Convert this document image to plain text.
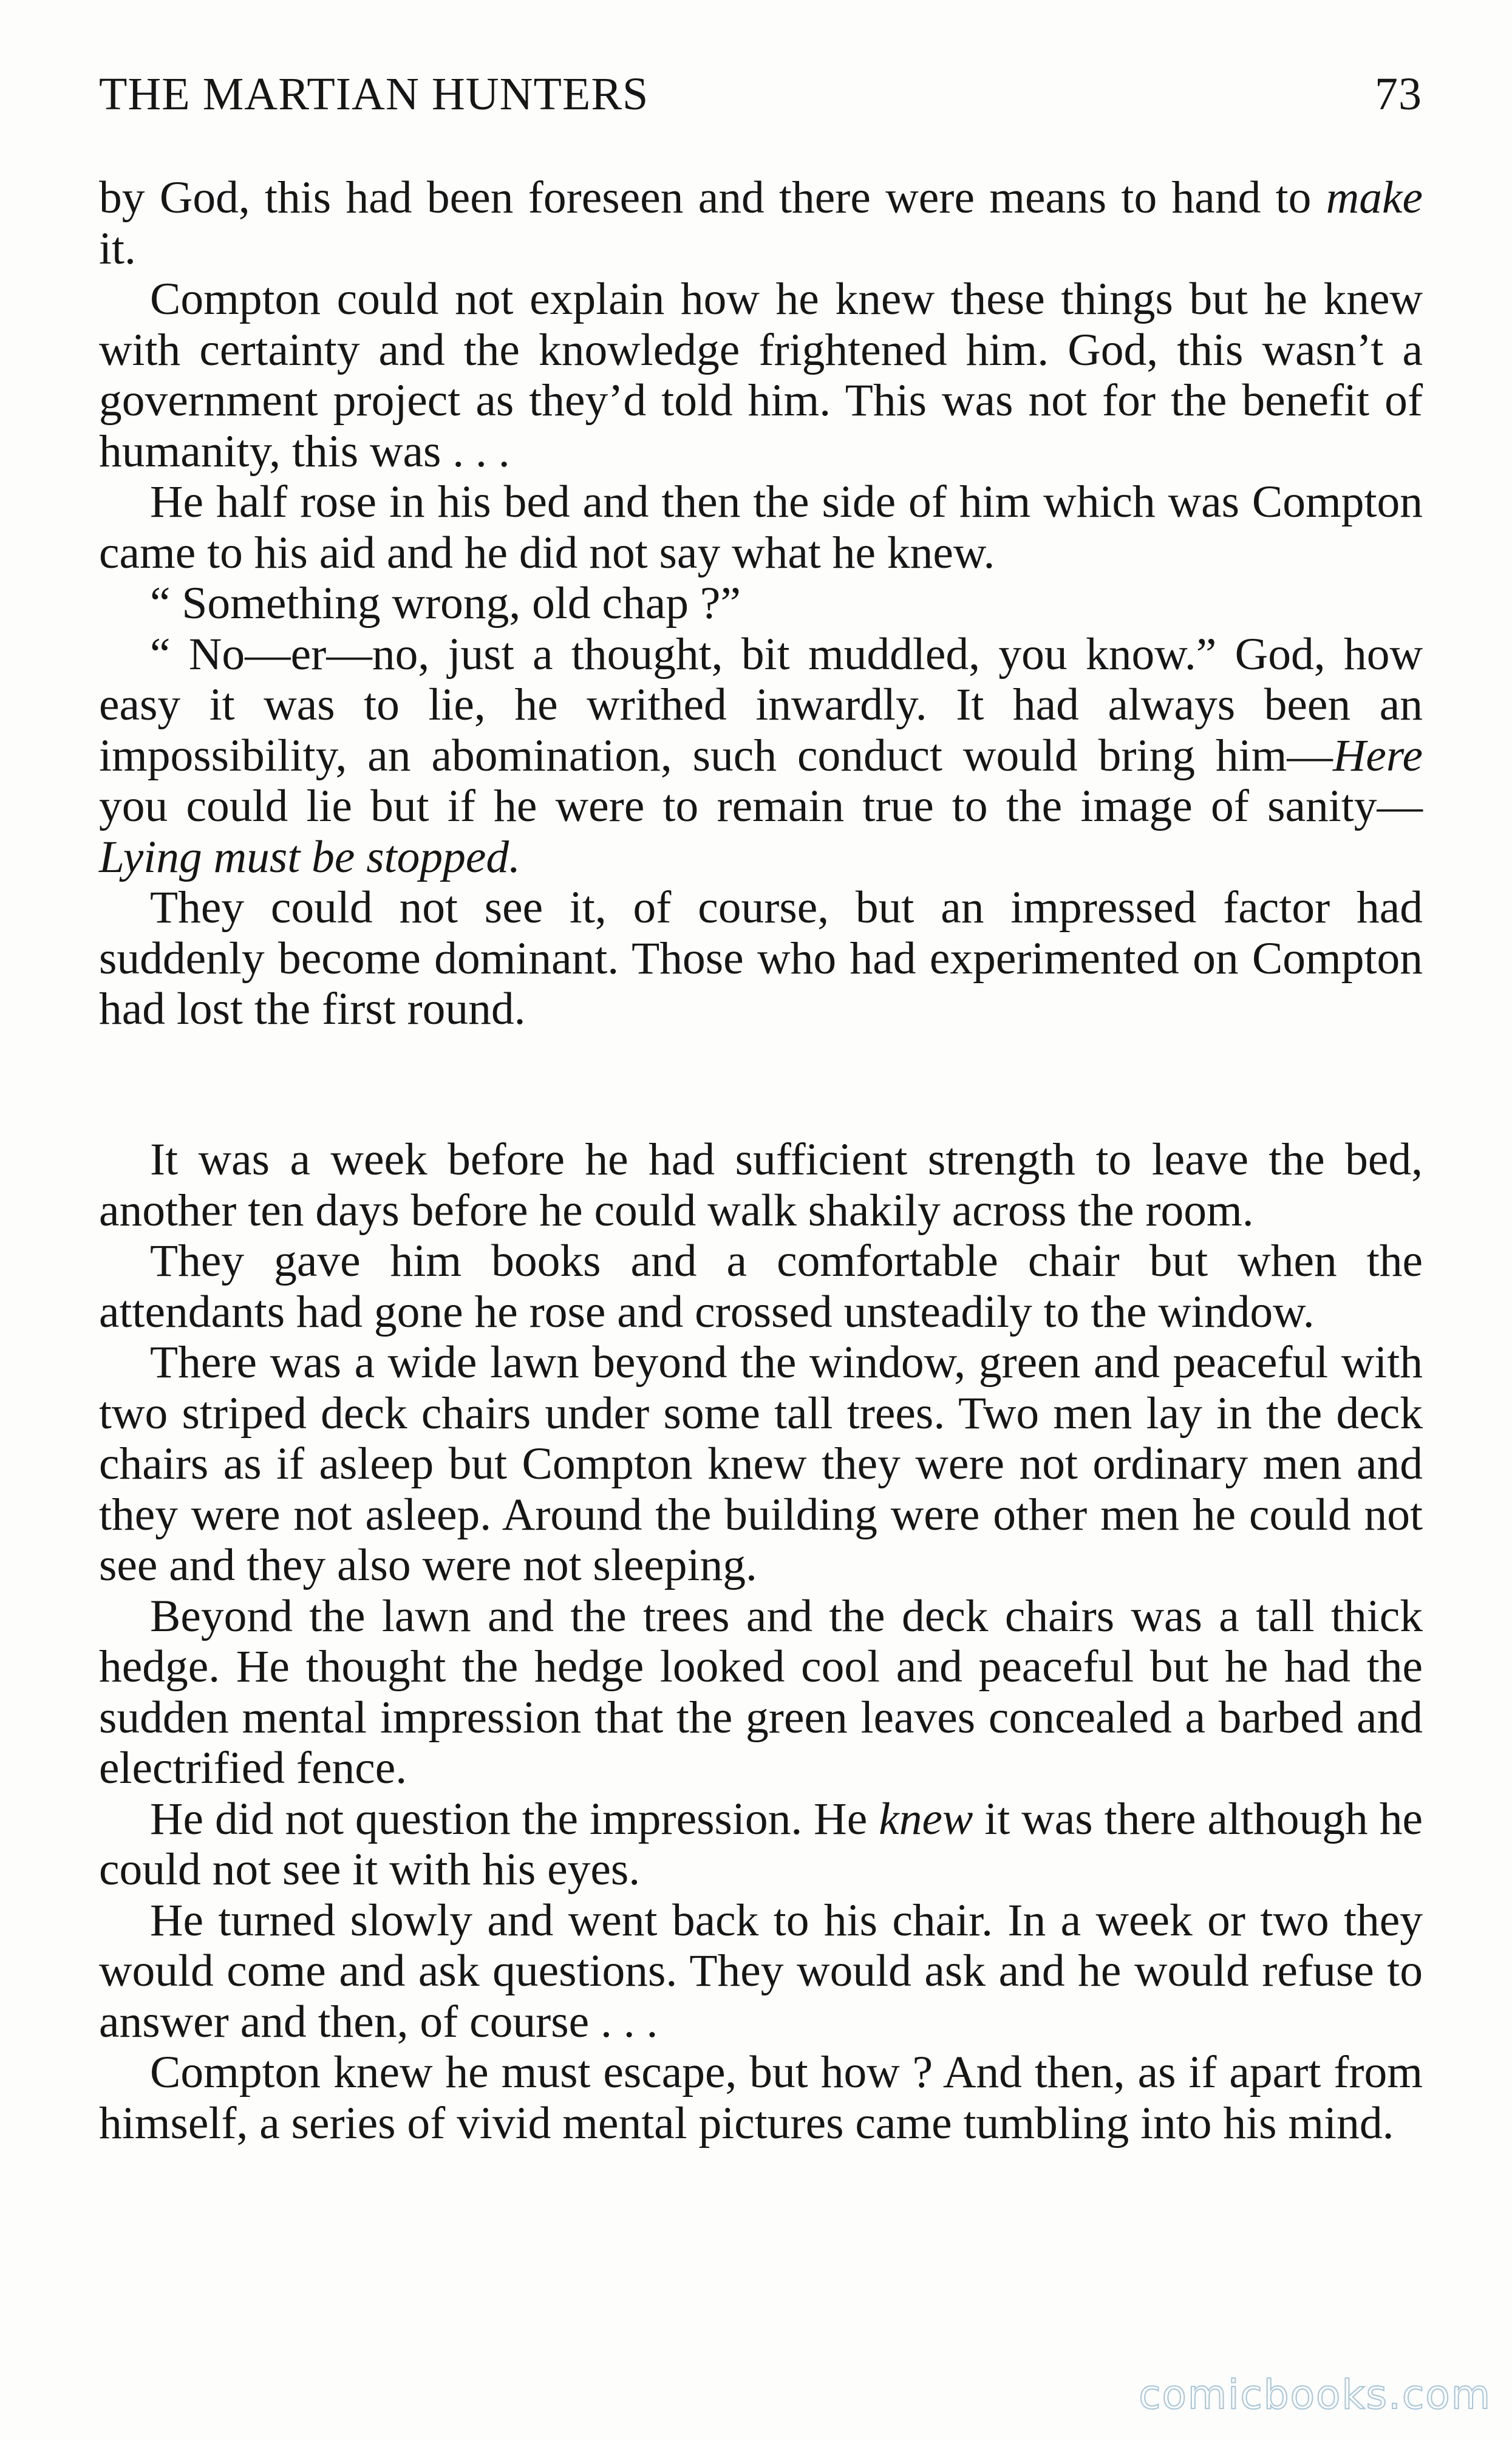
THE MARTIAN HUNTERS	73

by God, this had been foreseen and there were means to hand to make it.

Compton could not explain how he knew these things but he knew with certainty and the knowledge frightened him. God, this wasn’t a government project as they’d told him. This was not for the benefit of humanity, this was . . .

He half rose in his bed and then the side of him which was Compton came to his aid and he did not say what he knew.

“ Something wrong, old chap ?”

“ No—er—no, just a thought, bit muddled, you know.” God, how easy it was to lie, he writhed inwardly. It had always been an impossibility, an abomination, such conduct would bring him—Here you could lie but if he were to remain true to the image of sanity—Lying must be stopped.

They could not see it, of course, but an impressed factor had suddenly become dominant. Those who had experimented on Compton had lost the first round.

It was a week before he had sufficient strength to leave the bed, another ten days before he could walk shakily across the room.

They gave him books and a comfortable chair but when the attendants had gone he rose and crossed unsteadily to the window.

There was a wide lawn beyond the window, green and peaceful with two striped deck chairs under some tall trees. Two men lay in the deck chairs as if asleep but Compton knew they were not ordinary men and they were not asleep. Around the building were other men he could not see and they also were not sleeping.

Beyond the lawn and the trees and the deck chairs was a tall thick hedge. He thought the hedge looked cool and peaceful but he had the sudden mental impression that the green leaves concealed a barbed and electrified fence.

He did not question the impression. He knew it was there although he could not see it with his eyes.

He turned slowly and went back to his chair. In a week or two they would come and ask questions. They would ask and he would refuse to answer and then, of course . . .

Compton knew he must escape, but how ? And then, as if apart from himself, a series of vivid mental pictures came tumbling into his mind.

comicbooks.com
